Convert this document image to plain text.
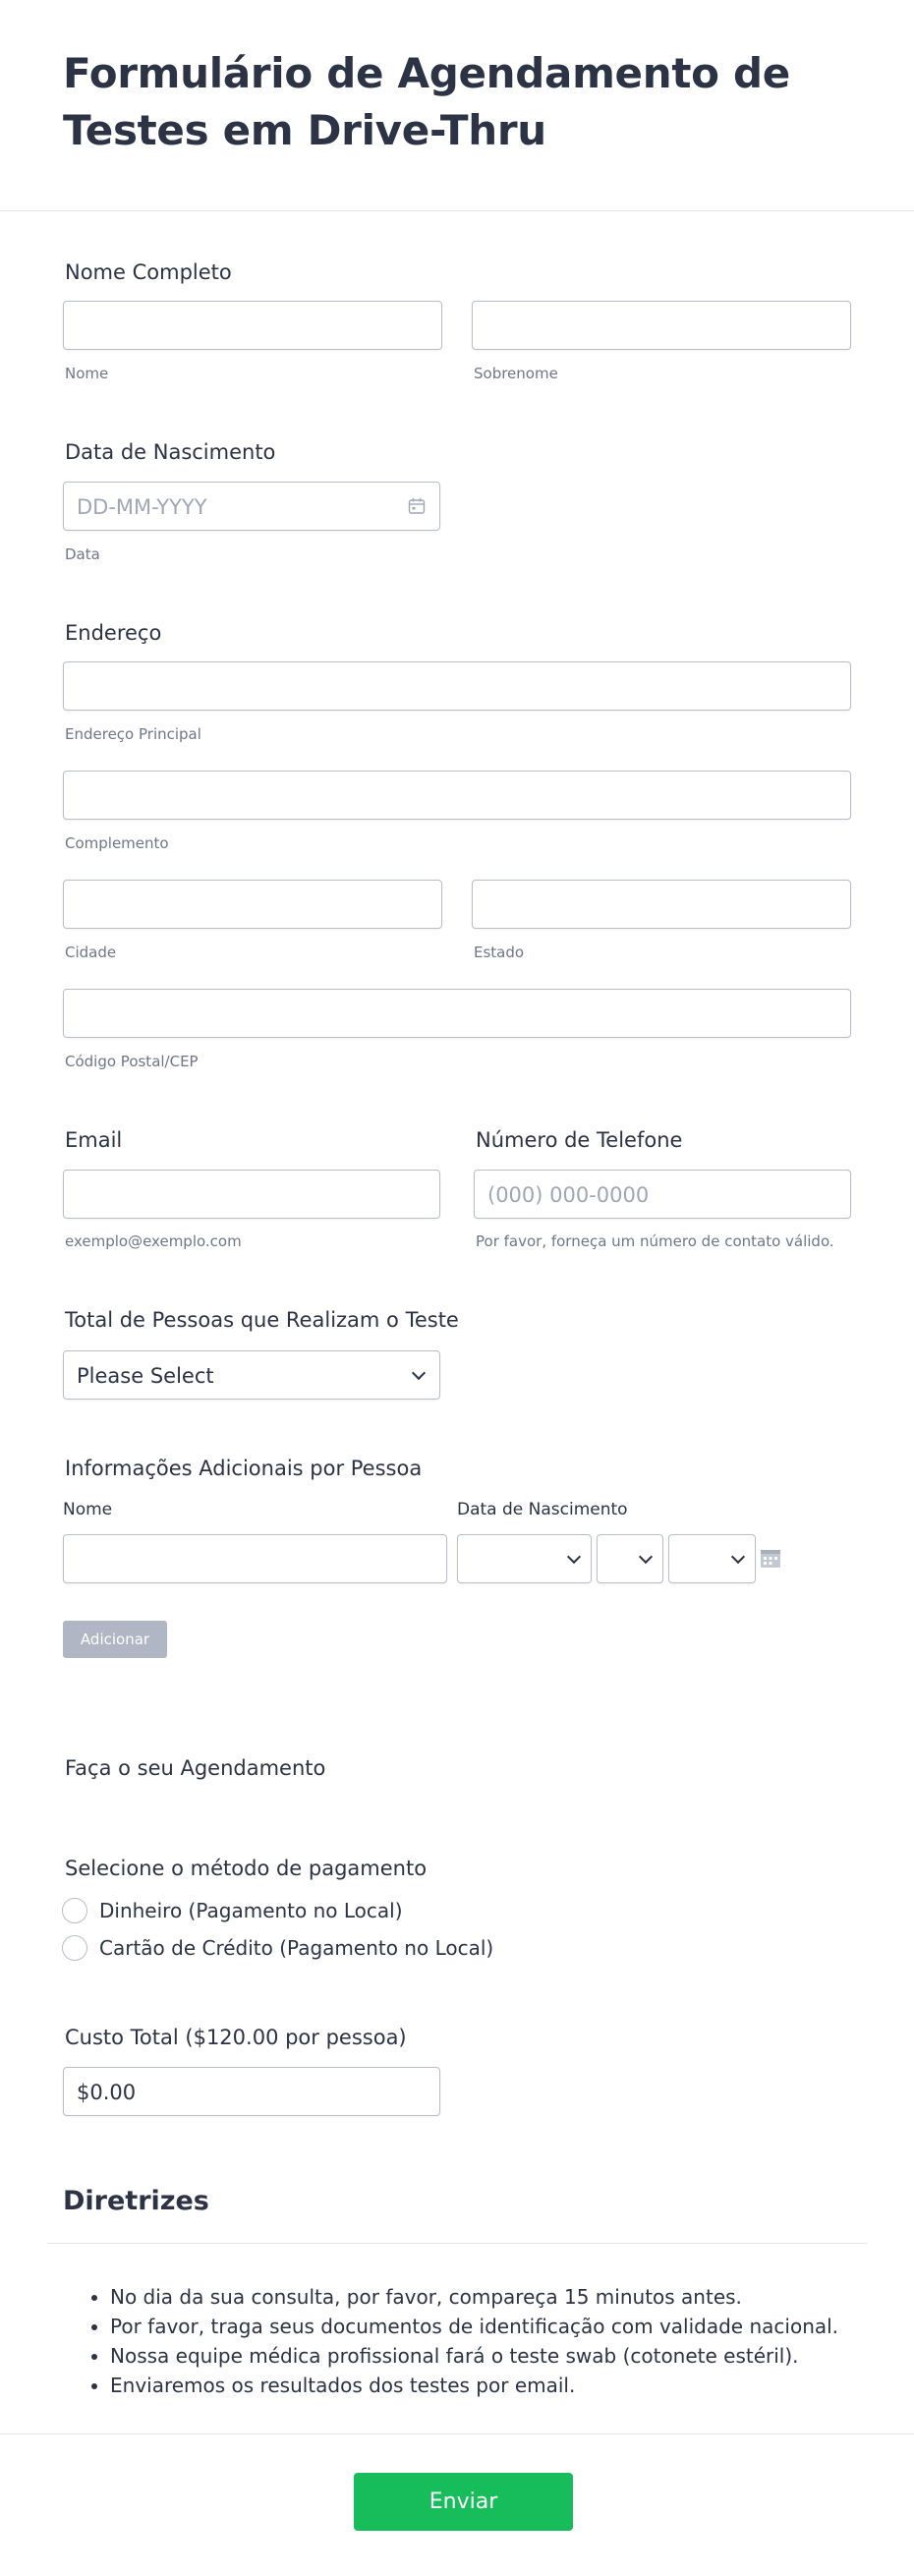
Formulário de Agendamento de Testes em Drive-Thru
Nome Completo
Nome	Sobrenome
Data de Nascimento
DD-MM-YYYY
Data
Endereço
Endereço Principal
Complemento
Cidade	Estado
Código Postal/CEP
Email	Número de Telefone
(000) 000-0000
exemplo@exemplo.com	Por favor, forneça um número de contato válido.
Total de Pessoas que Realizam o Teste
Please Select
Informações Adicionais por Pessoa
Nome	Data de Nascimento
Adicionar
Faça o seu Agendamento
Selecione o método de pagamento
Dinheiro (Pagamento no Local)
Cartão de Crédito (Pagamento no Local)
Custo Total ($120.00 por pessoa)
$0.00
Diretrizes
• No dia da sua consulta, por favor, compareça 15 minutos antes.
• Por favor, traga seus documentos de identificação com validade nacional.
• Nossa equipe médica profissional fará o teste swab (cotonete estéril).
• Enviaremos os resultados dos testes por email.
Enviar
